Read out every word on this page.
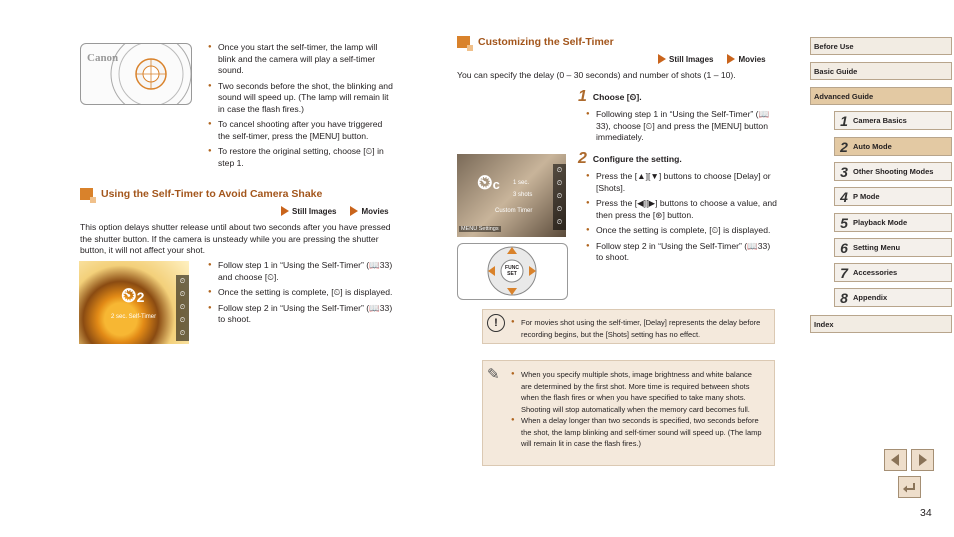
Canon
● Once you start the self-timer, the lamp will blink and the camera will play a self-timer sound.
● Two seconds before the shot, the blinking and sound will speed up. (The lamp will remain lit in case the flash fires.)
● To cancel shooting after you have triggered the self-timer, press the [MENU] button.
● To restore the original setting, choose [⏲] in step 1.
Using the Self-Timer to Avoid Camera Shake
Still Images	Movies
This option delays shutter release until about two seconds after you have pressed the shutter button. If the camera is unsteady while you are pressing the shutter button, it will not affect your shot.
⏲2
⏲
⏲
⏲
⏲
⏲
2 sec. Self-Timer
● Follow step 1 in “Using the Self-Timer” (📖33) and choose [⏲].
● Once the setting is complete, [⏲] is displayed.
● Follow step 2 in “Using the Self-Timer” (📖33) to shoot.
Customizing the Self-Timer
Still Images	Movies
You can specify the delay (0 – 30 seconds) and number of shots (1 – 10).
1 Choose [⏲].
● Following step 1 in “Using the Self-Timer” (📖33), choose [⏲] and press the [MENU] button immediately.
⏲c 1 sec.
3 shots
⏲
⏲
⏲
⏲
⏲
Custom Timer
MENU Settings
FUNC SET
2 Configure the setting.
● Press the [▲][▼] buttons to choose [Delay] or [Shots].
● Press the [◀][▶] buttons to choose a value, and then press the [⊛] button.
● Once the setting is complete, [⏲] is displayed.
● Follow step 2 in “Using the Self-Timer” (📖33) to shoot.
!	● For movies shot using the self-timer, [Delay] represents the delay before recording begins, but the [Shots] setting has no effect.
✎	● When you specify multiple shots, image brightness and white balance are determined by the first shot. More time is required between shots when the flash fires or when you have specified to take many shots. Shooting will stop automatically when the memory card becomes full.
● When a delay longer than two seconds is specified, two seconds before the shot, the lamp blinking and self-timer sound will speed up. (The lamp will remain lit in case the flash fires.)
Before Use
Basic Guide
Advanced Guide
1 Camera Basics
2 Auto Mode
3 Other Shooting Modes
4 P Mode
5 Playback Mode
6 Setting Menu
7 Accessories
8 Appendix
Index
34
